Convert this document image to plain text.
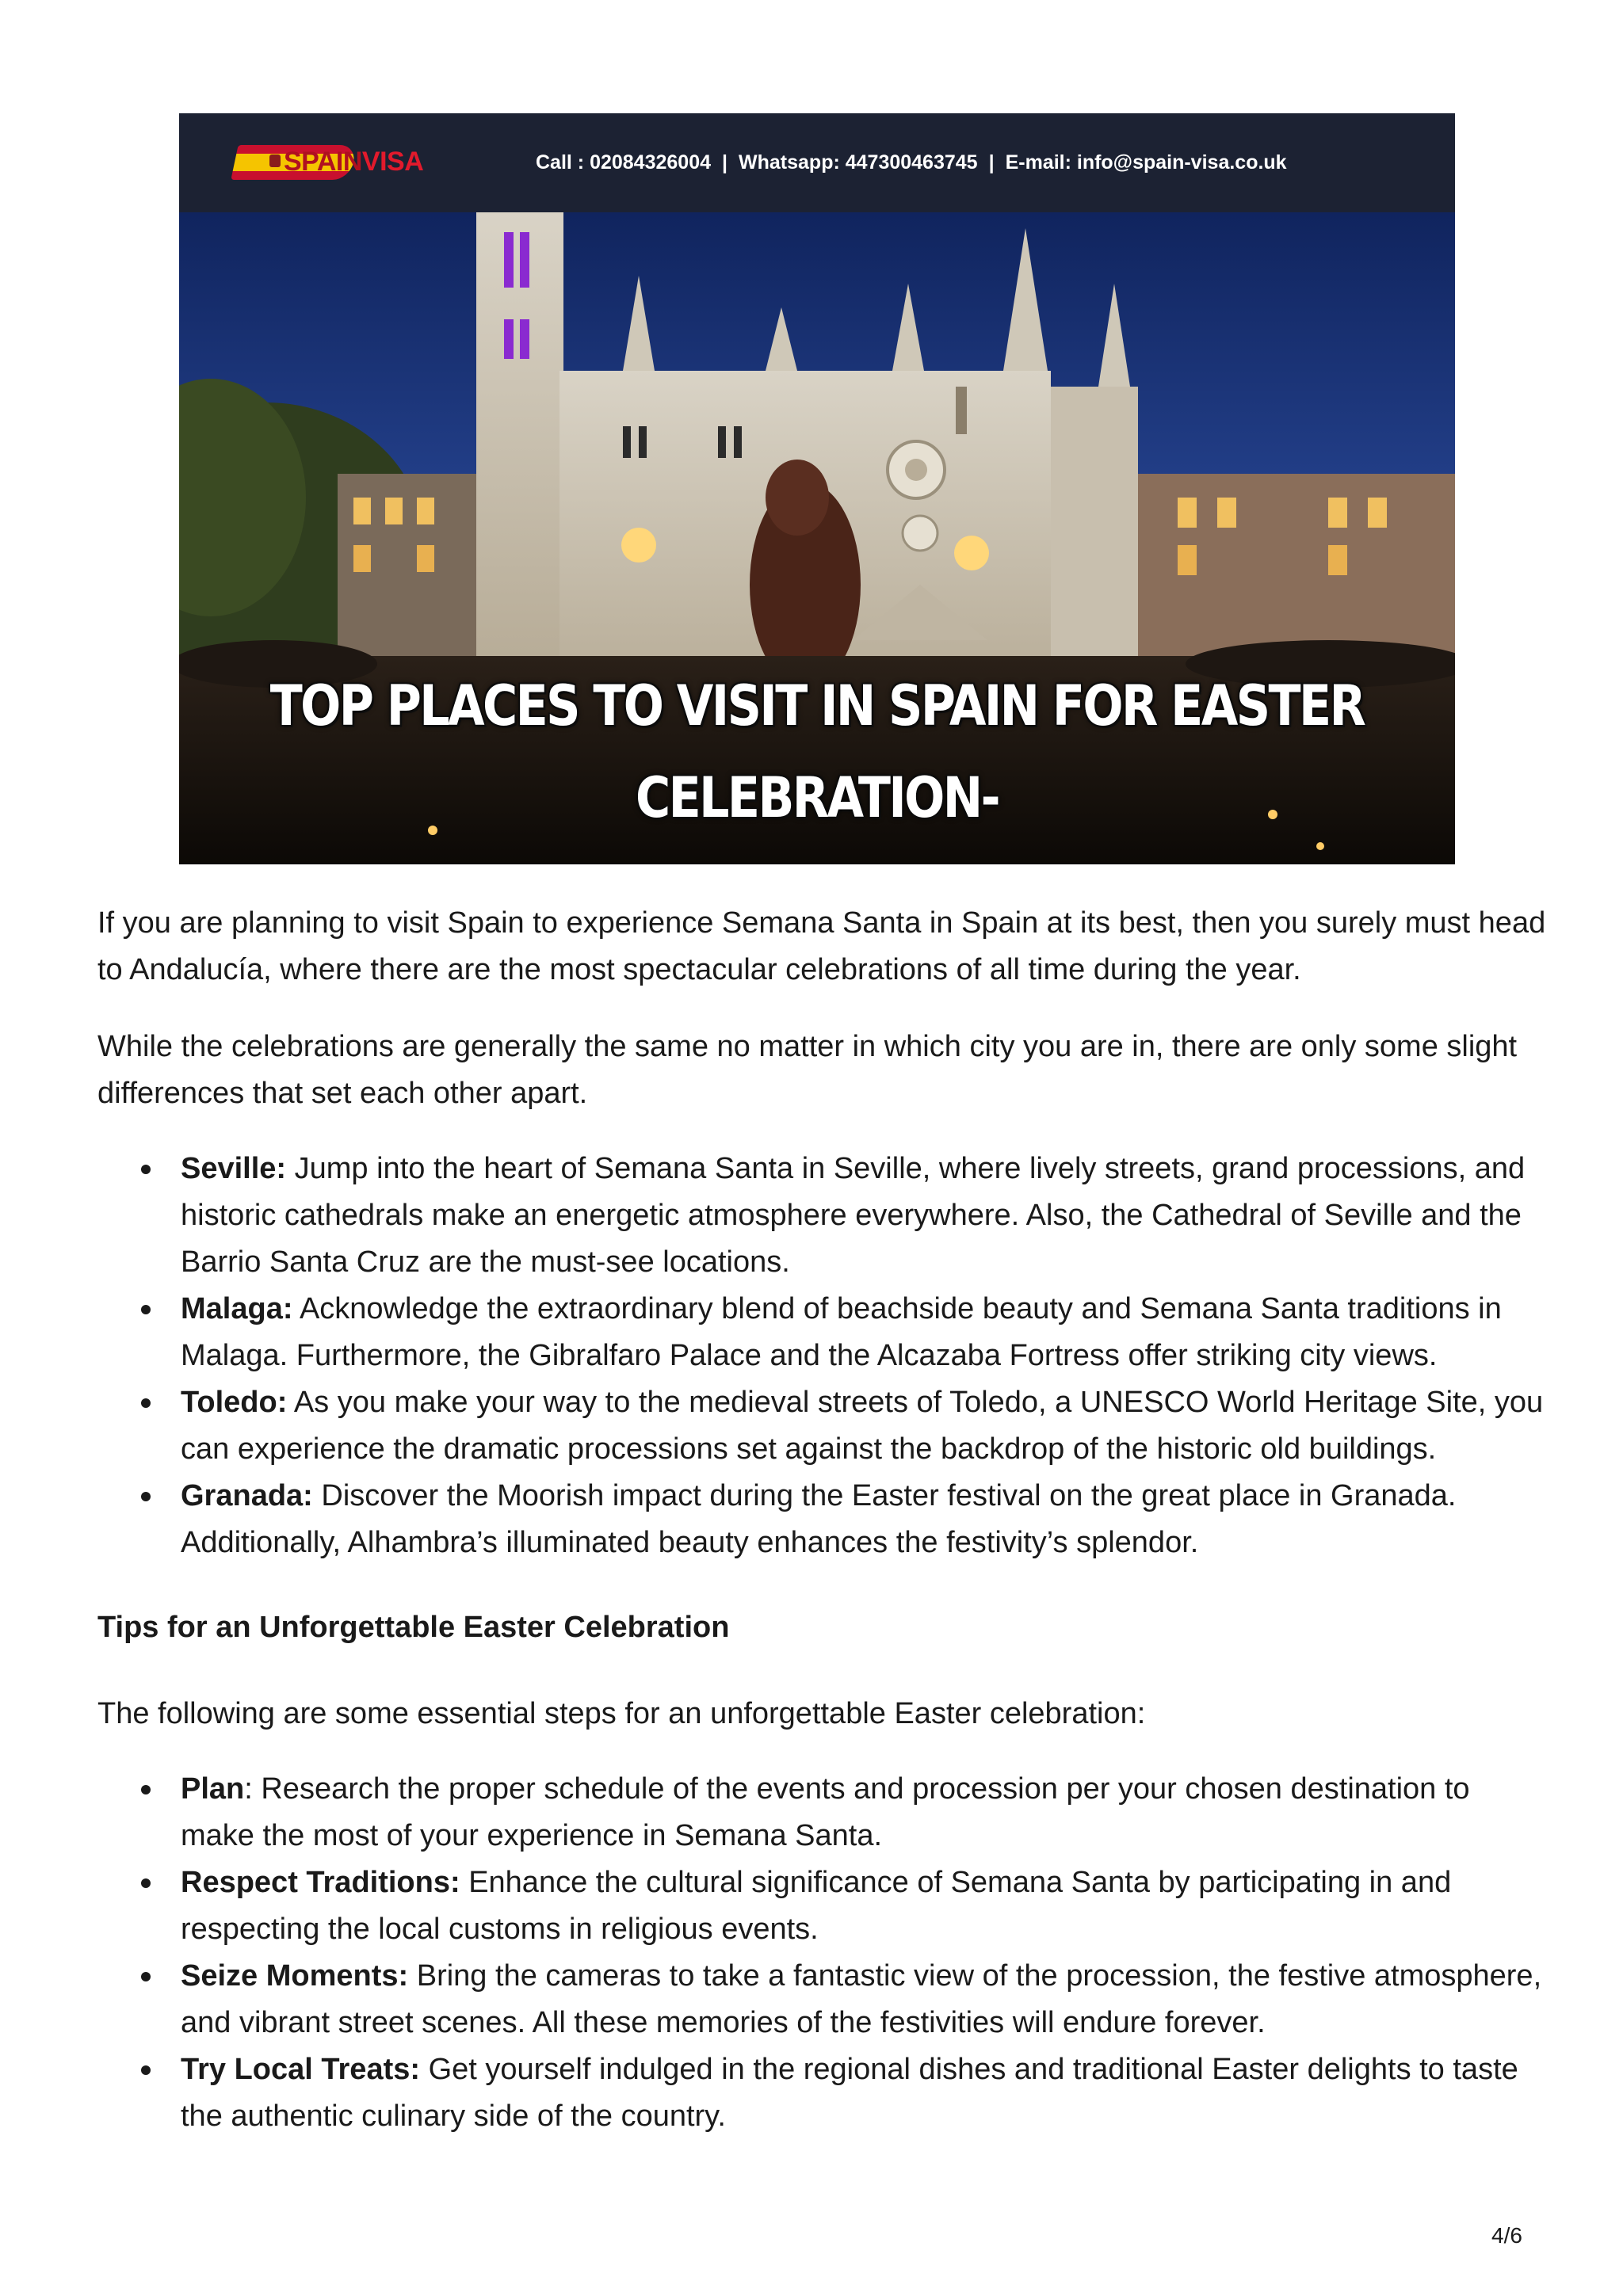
SPAINVISA	Call : 02084326004 | Whatsapp: 447300463745 | E-mail: info@spain-visa.co.uk
TOP PLACES TO VISIT IN SPAIN FOR EASTER
CELEBRATION-

If you are planning to visit Spain to experience Semana Santa in Spain at its best, then you surely must head to Andalucía, where there are the most spectacular celebrations of all time during the year.

While the celebrations are generally the same no matter in which city you are in, there are only some slight differences that set each other apart.

Seville: Jump into the heart of Semana Santa in Seville, where lively streets, grand processions, and historic cathedrals make an energetic atmosphere everywhere. Also, the Cathedral of Seville and the Barrio Santa Cruz are the must-see locations.
Malaga: Acknowledge the extraordinary blend of beachside beauty and Semana Santa traditions in Malaga. Furthermore, the Gibralfaro Palace and the Alcazaba Fortress offer striking city views.
Toledo: As you make your way to the medieval streets of Toledo, a UNESCO World Heritage Site, you can experience the dramatic processions set against the backdrop of the historic old buildings.
Granada: Discover the Moorish impact during the Easter festival on the great place in Granada. Additionally, Alhambra’s illuminated beauty enhances the festivity’s splendor.
Tips for an Unforgettable Easter Celebration

The following are some essential steps for an unforgettable Easter celebration:

Plan: Research the proper schedule of the events and procession per your chosen destination to make the most of your experience in Semana Santa.
Respect Traditions: Enhance the cultural significance of Semana Santa by participating in and respecting the local customs in religious events.
Seize Moments: Bring the cameras to take a fantastic view of the procession, the festive atmosphere, and vibrant street scenes. All these memories of the festivities will endure forever.
Try Local Treats: Get yourself indulged in the regional dishes and traditional Easter delights to taste the authentic culinary side of the country.
4/6
